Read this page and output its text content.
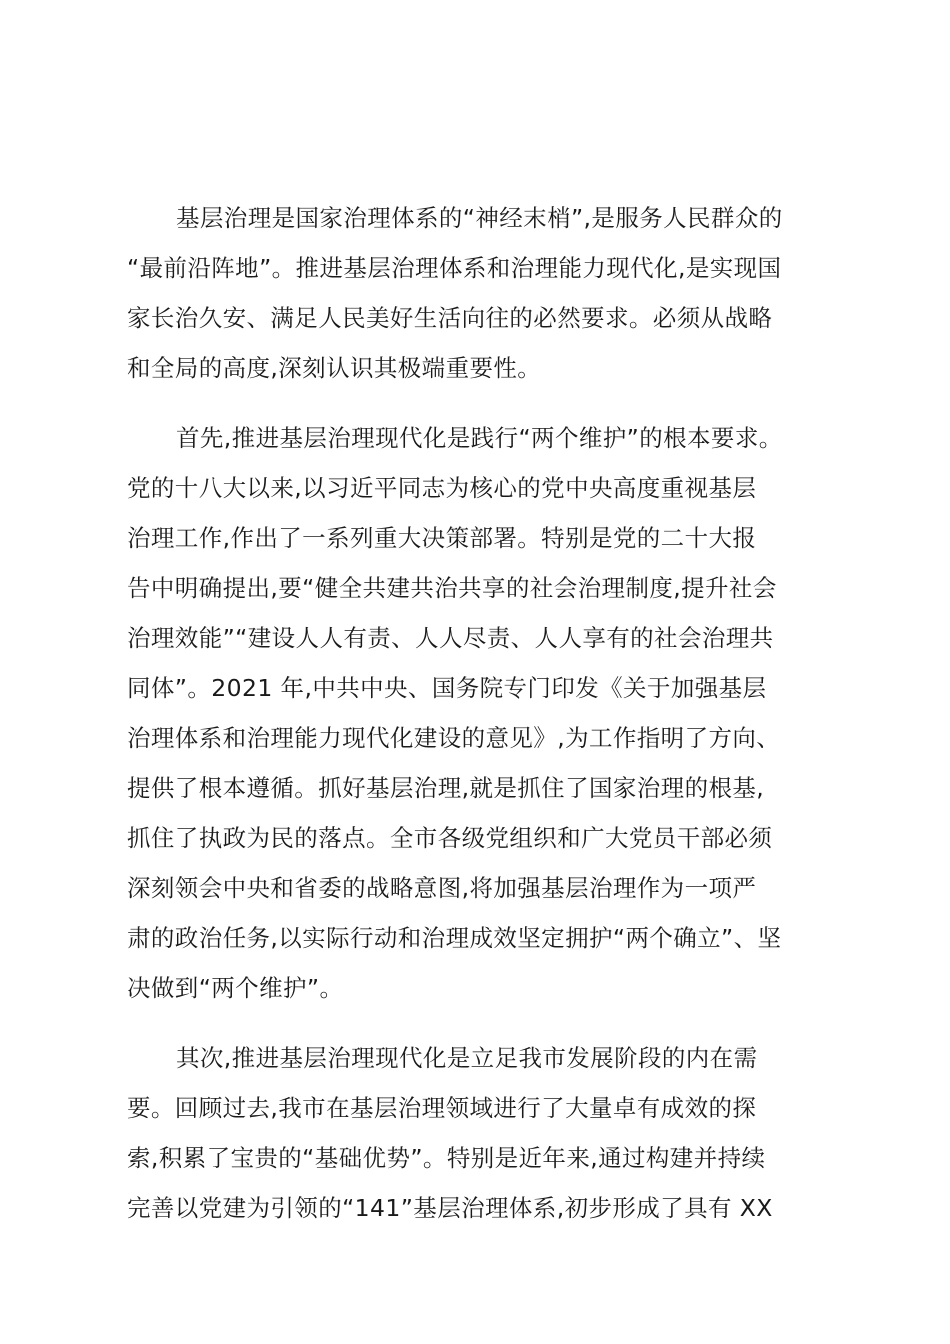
基层治理是国家治理体系的“神经末梢”,是服务人民群众的
“最前沿阵地”。推进基层治理体系和治理能力现代化,是实现国
家长治久安、满足人民美好生活向往的必然要求。必须从战略
和全局的高度,深刻认识其极端重要性。

首先,推进基层治理现代化是践行“两个维护”的根本要求。
党的十八大以来,以习近平同志为核心的党中央高度重视基层
治理工作,作出了一系列重大决策部署。特别是党的二十大报
告中明确提出,要“健全共建共治共享的社会治理制度,提升社会
治理效能”“建设人人有责、人人尽责、人人享有的社会治理共
同体”。2021 年,中共中央、国务院专门印发《关于加强基层
治理体系和治理能力现代化建设的意见》,为工作指明了方向、
提供了根本遵循。抓好基层治理,就是抓住了国家治理的根基,
抓住了执政为民的落点。全市各级党组织和广大党员干部必须
深刻领会中央和省委的战略意图,将加强基层治理作为一项严
肃的政治任务,以实际行动和治理成效坚定拥护“两个确立”、坚
决做到“两个维护”。

其次,推进基层治理现代化是立足我市发展阶段的内在需
要。回顾过去,我市在基层治理领域进行了大量卓有成效的探
索,积累了宝贵的“基础优势”。特别是近年来,通过构建并持续
完善以党建为引领的“141”基层治理体系,初步形成了具有 XX
